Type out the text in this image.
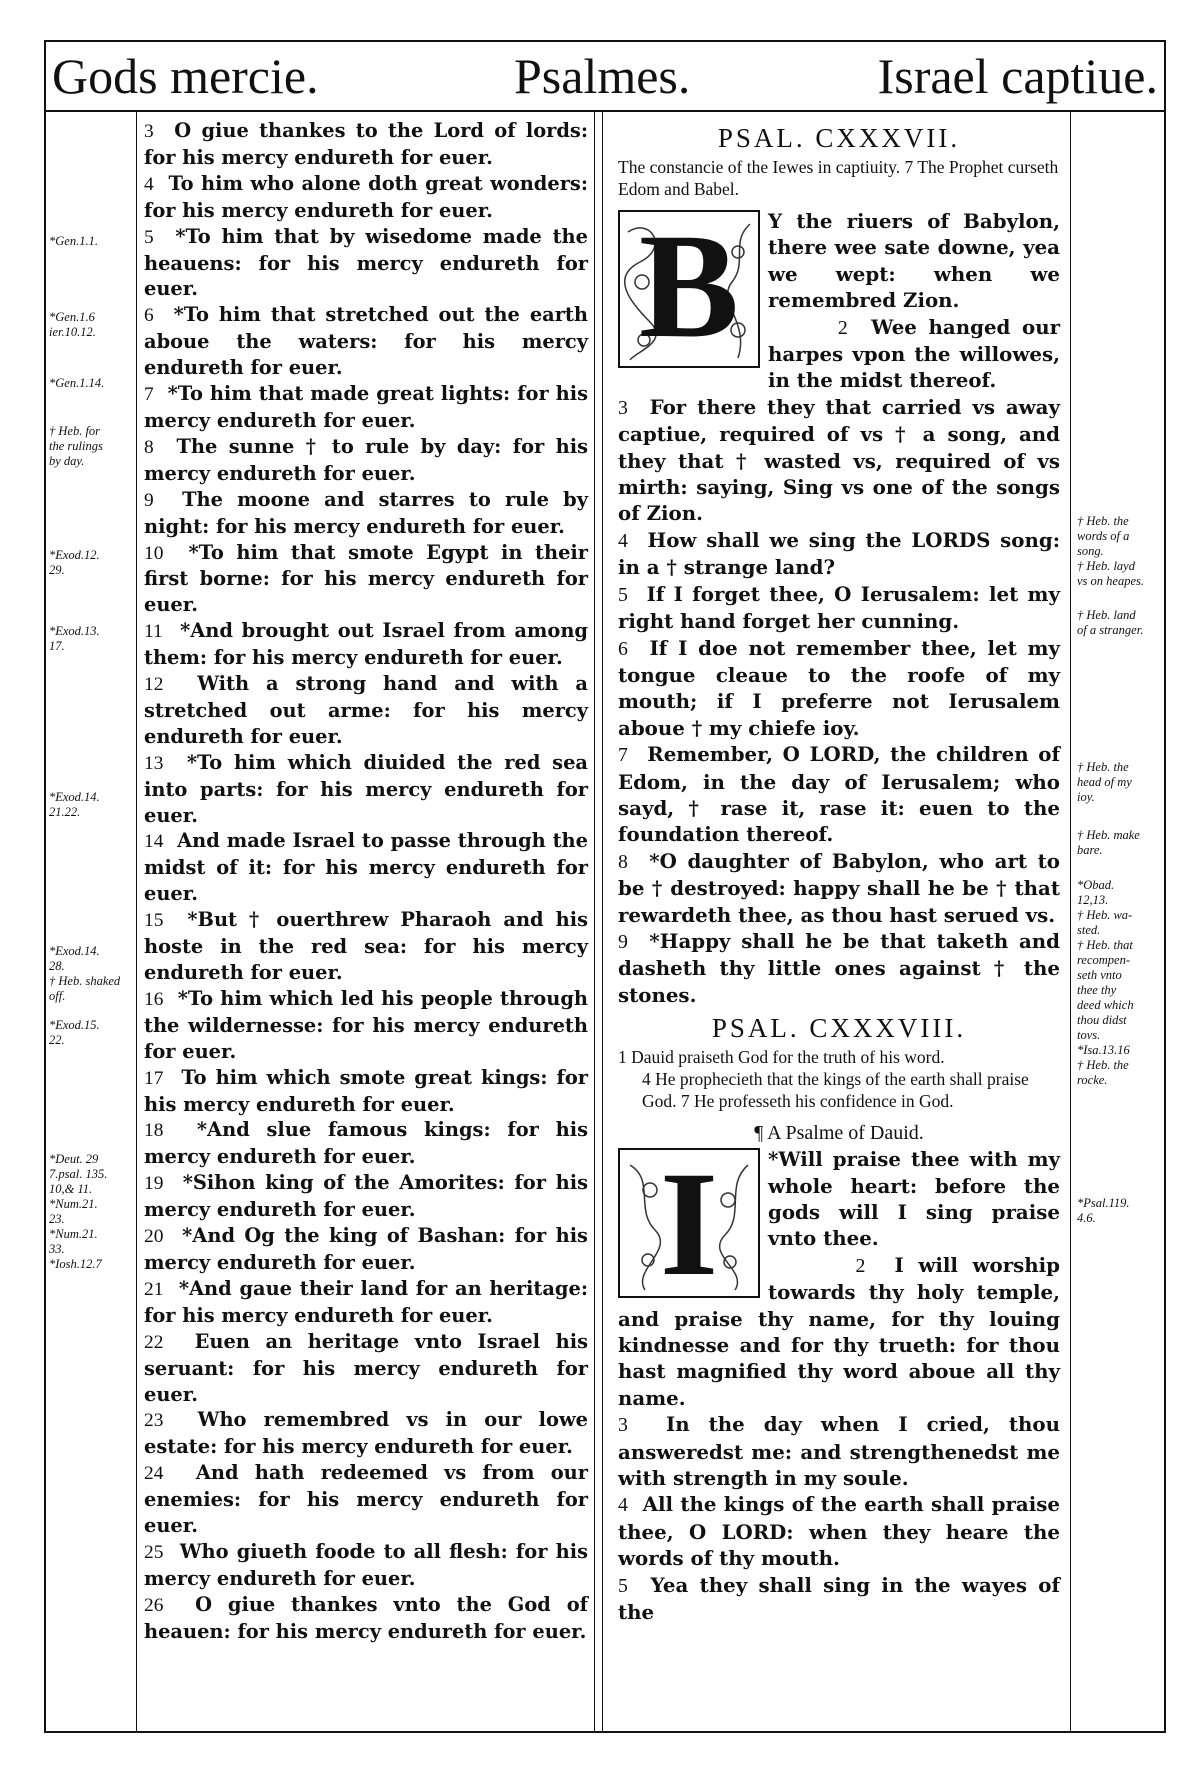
Gods mercie.	Psalmes.	Israel captiue.
*Gen.1.1.
*Gen.1.6
ier.10.12.
*Gen.1.14.
† Heb. for
the rulings
by day.
*Exod.12.
29.
*Exod.13.
17.
*Exod.14.
21.22.
*Exod.14.
28.
† Heb. shaked
off.
*Exod.15.
22.
*Deut. 29
7.psal. 135.
10,& 11.
*Num.21.
23.
*Num.21.
33.
*Iosh.12.7
† Heb. the
words of a
song.
† Heb. layd
vs on heapes.
† Heb. land
of a stranger.
† Heb. the
head of my
ioy.
† Heb. make
bare.
*Obad.
12,13.
† Heb. wa-
sted.
† Heb. that
recompen-
seth vnto
thee thy
deed which
thou didst
tovs.
*Isa.13.16
† Heb. the
rocke.
*Psal.119.
4.6.

3 O giue thankes to the Lord of lords: for his mercy endureth for euer.

4 To him who alone doth great wonders: for his mercy endureth for euer.

5 *To him that by wisedome made the heauens: for his mercy endureth for euer.

6 *To him that stretched out the earth aboue the waters: for his mercy endureth for euer.

7 *To him that made great lights: for his mercy endureth for euer.

8 The sunne † to rule by day: for his mercy endureth for euer.

9 The moone and starres to rule by night: for his mercy endureth for euer.

10 *To him that smote Egypt in their first borne: for his mercy endureth for euer.

11 *And brought out Israel from among them: for his mercy endureth for euer.

12 With a strong hand and with a stretched out arme: for his mercy endureth for euer.

13 *To him which diuided the red sea into parts: for his mercy endureth for euer.

14 And made Israel to passe through the midst of it: for his mercy endureth for euer.

15 *But † ouerthrew Pharaoh and his hoste in the red sea: for his mercy endureth for euer.

16 *To him which led his people through the wildernesse: for his mercy endureth for euer.

17 To him which smote great kings: for his mercy endureth for euer.

18 *And slue famous kings: for his mercy endureth for euer.

19 *Sihon king of the Amorites: for his mercy endureth for euer.

20 *And Og the king of Bashan: for his mercy endureth for euer.

21 *And gaue their land for an heritage: for his mercy endureth for euer.

22 Euen an heritage vnto Israel his seruant: for his mercy endureth for euer.

23 Who remembred vs in our lowe estate: for his mercy endureth for euer.

24 And hath redeemed vs from our enemies: for his mercy endureth for euer.

25 Who giueth foode to all flesh: for his mercy endureth for euer.

26 O giue thankes vnto the God of heauen: for his mercy endureth for euer.

PSAL. CXXXVII.
The constancie of the Iewes in captiuity. 7 The Prophet curseth Edom and Babel.
B	Y the riuers of Babylon, there wee sate downe, yea we wept: when we remembred Zion.

2 Wee hanged our harpes vpon the willowes, in the midst thereof.

3 For there they that carried vs away captiue, required of vs † a song, and they that † wasted vs, required of vs mirth: saying, Sing vs one of the songs of Zion.

4 How shall we sing the LORDS song: in a † strange land?

5 If I forget thee, O Ierusalem: let my right hand forget her cunning.

6 If I doe not remember thee, let my tongue cleaue to the roofe of my mouth; if I preferre not Ierusalem aboue † my chiefe ioy.

7 Remember, O LORD, the children of Edom, in the day of Ierusalem; who sayd, † rase it, rase it: euen to the foundation thereof.

8 *O daughter of Babylon, who art to be † destroyed: happy shall he be † that rewardeth thee, as thou hast serued vs.

9 *Happy shall he be that taketh and dasheth thy little ones against † the stones.

PSAL. CXXXVIII.
1 Dauid praiseth God for the truth of his word.
4 He prophecieth that the kings of the earth shall praise God. 7 He professeth his confidence in God.
¶ A Psalme of Dauid.
I	*Will praise thee with my whole heart: before the gods will I sing praise vnto thee.

2 I will worship towards thy holy temple, and praise thy name, for thy louing kindnesse and for thy trueth: for thou hast magnified thy word aboue all thy name.

3 In the day when I cried, thou answeredst me: and strengthenedst me with strength in my soule.

4 All the kings of the earth shall praise thee, O LORD: when they heare the words of thy mouth.

5 Yea they shall sing in the wayes of the
